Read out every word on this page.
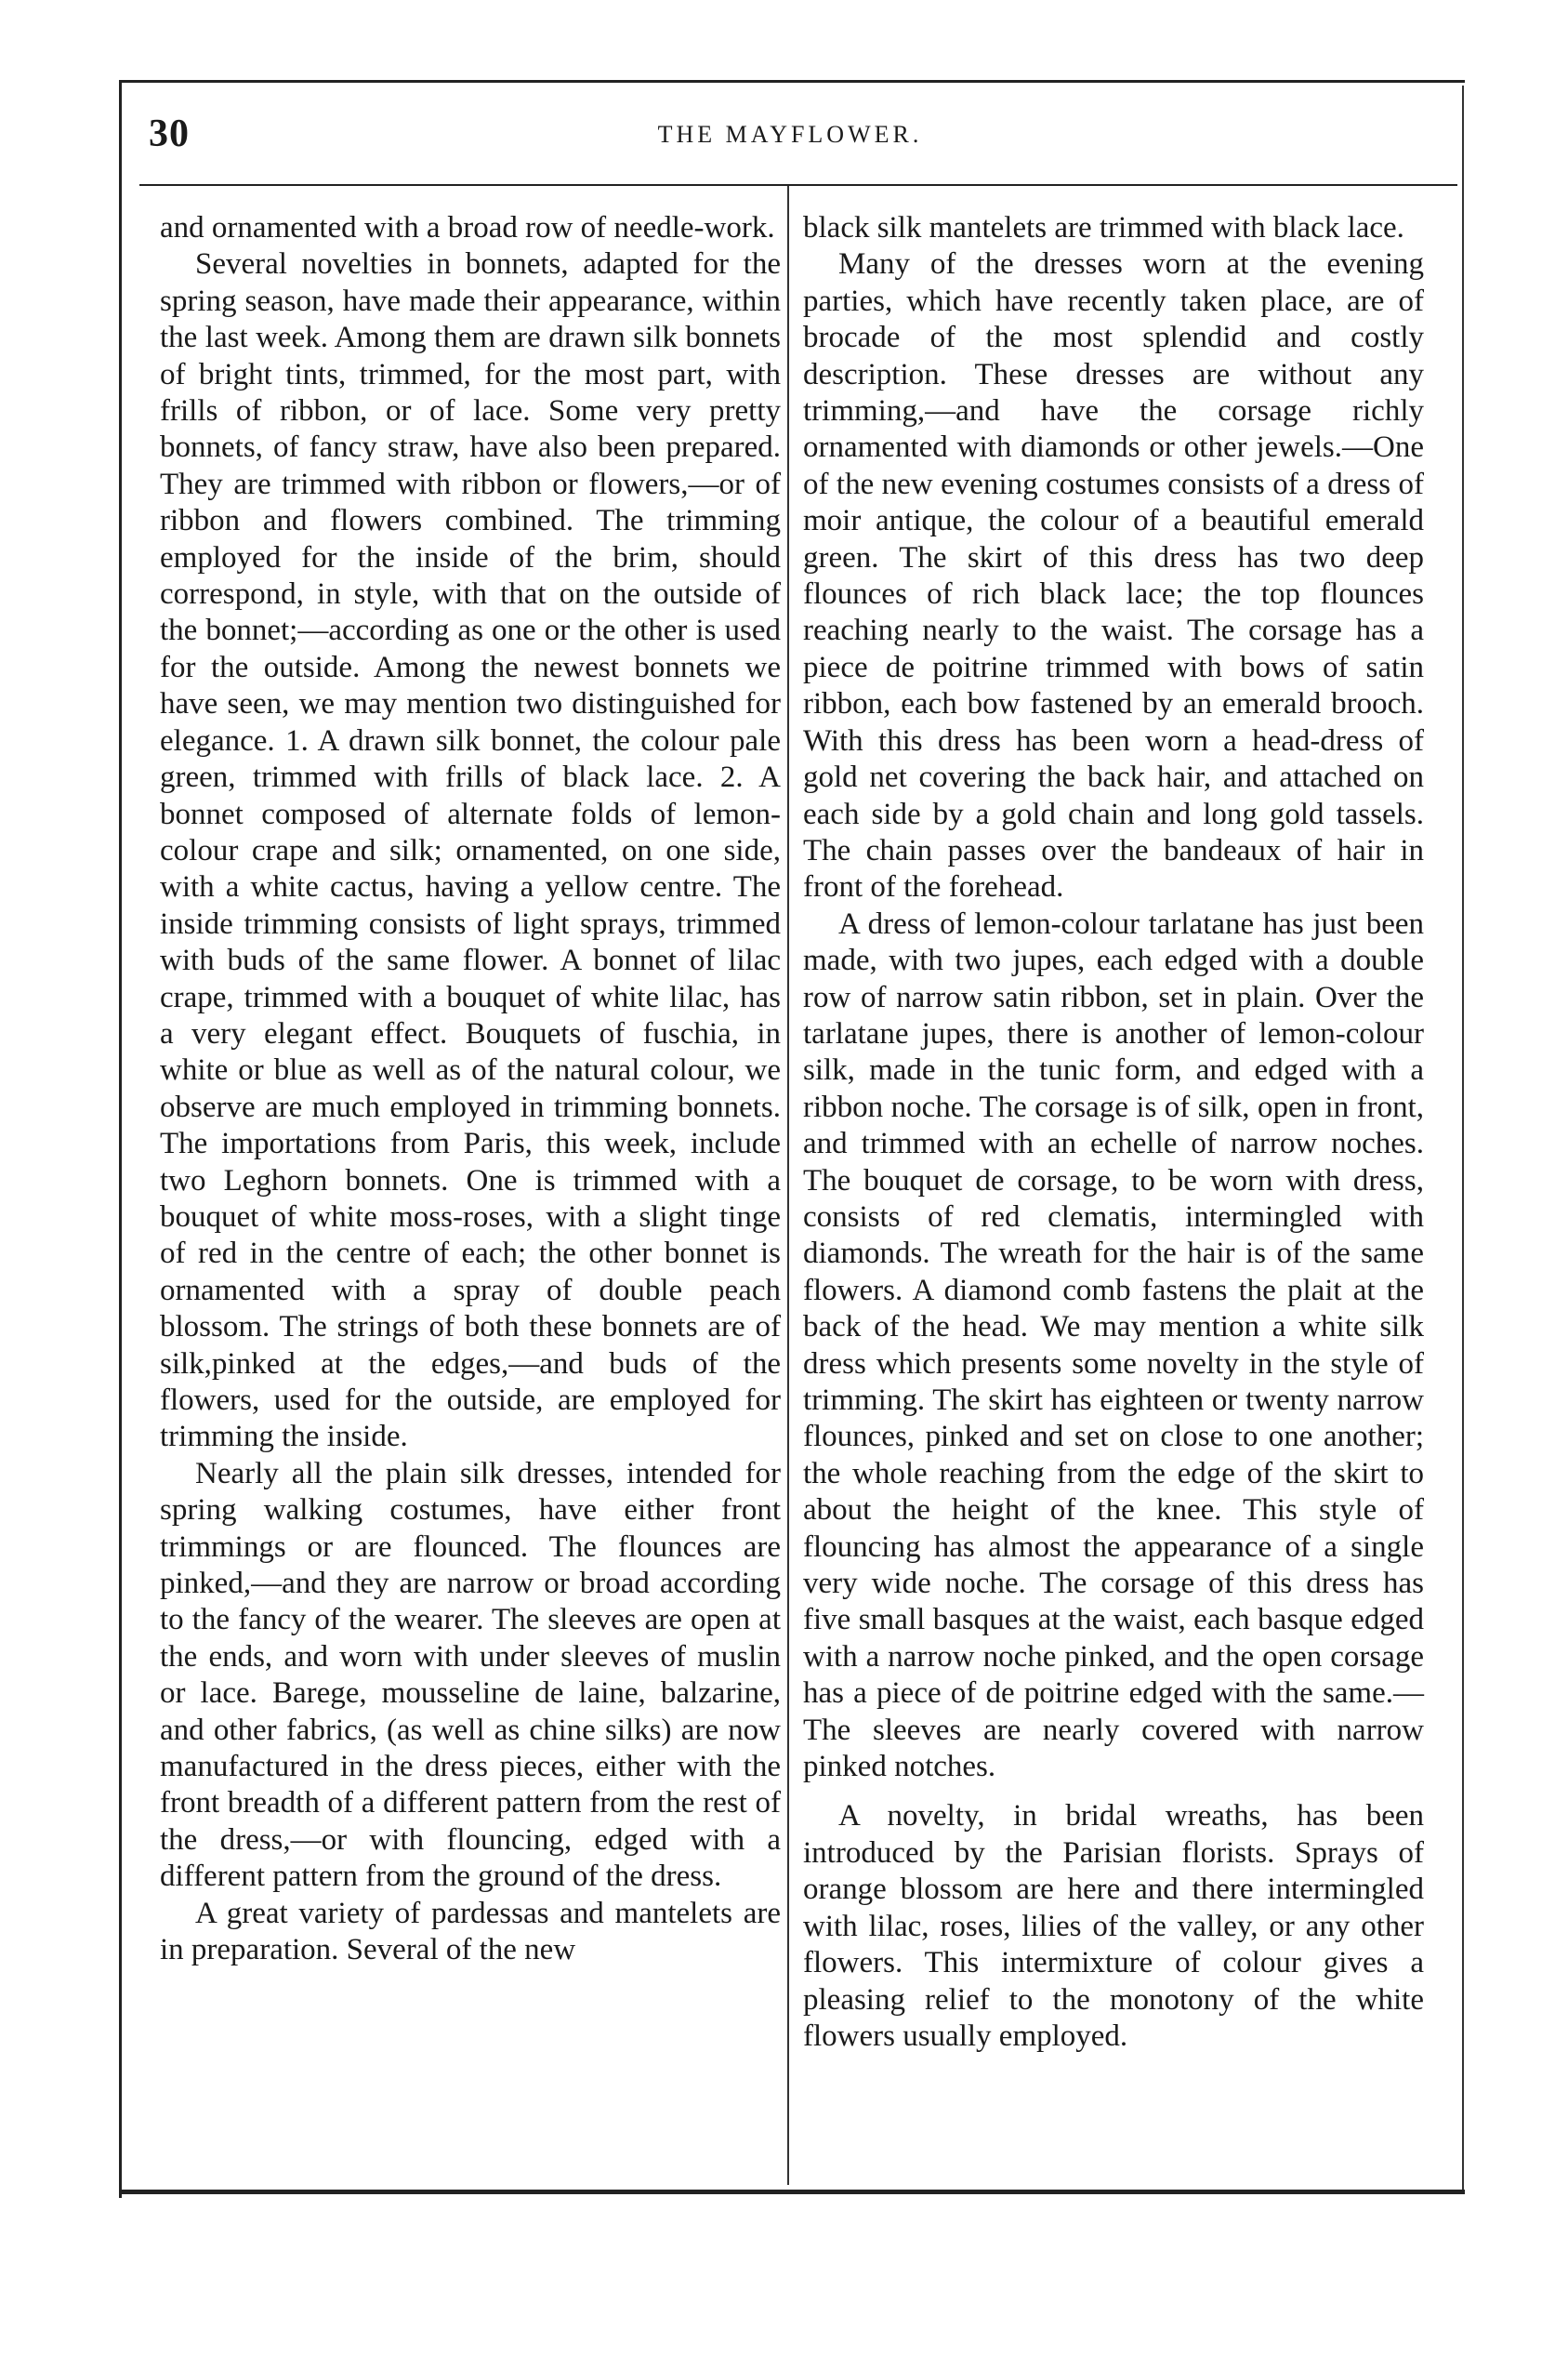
30	THE MAYFLOWER.

and ornamented with a broad row of needle-work.

Several novelties in bonnets, adapted for the spring season, have made their appearance, within the last week. Among them are drawn silk bonnets of bright tints, trimmed, for the most part, with frills of ribbon, or of lace. Some very pretty bonnets, of fancy straw, have also been prepared. They are trimmed with ribbon or flowers,—or of ribbon and flowers combined. The trimming employed for the inside of the brim, should correspond, in style, with that on the outside of the bonnet;—according as one or the other is used for the outside. Among the newest bonnets we have seen, we may mention two distinguished for elegance. 1. A drawn silk bonnet, the colour pale green, trimmed with frills of black lace. 2. A bonnet composed of alternate folds of lemon-colour crape and silk; ornamented, on one side, with a white cactus, having a yellow centre. The inside trimming consists of light sprays, trimmed with buds of the same flower. A bonnet of lilac crape, trimmed with a bouquet of white lilac, has a very elegant effect. Bouquets of fuschia, in white or blue as well as of the natural colour, we observe are much employed in trimming bonnets. The importations from Paris, this week, include two Leghorn bonnets. One is trimmed with a bouquet of white moss-roses, with a slight tinge of red in the centre of each; the other bonnet is ornamented with a spray of double peach blossom. The strings of both these bonnets are of silk,pinked at the edges,—and buds of the flowers, used for the outside, are employed for trimming the inside.

Nearly all the plain silk dresses, intended for spring walking costumes, have either front trimmings or are flounced. The flounces are pinked,—and they are narrow or broad according to the fancy of the wearer. The sleeves are open at the ends, and worn with under sleeves of muslin or lace. Barege, mousseline de laine, balzarine, and other fabrics, (as well as chine silks) are now manufactured in the dress pieces, either with the front breadth of a different pattern from the rest of the dress,—or with flouncing, edged with a different pattern from the ground of the dress.

A great variety of pardessas and mantelets are in preparation. Several of the new

black silk mantelets are trimmed with black lace.

Many of the dresses worn at the evening parties, which have recently taken place, are of brocade of the most splendid and costly description. These dresses are without any trimming,—and have the corsage richly ornamented with diamonds or other jewels.—One of the new evening costumes consists of a dress of moir antique, the colour of a beautiful emerald green. The skirt of this dress has two deep flounces of rich black lace; the top flounces reaching nearly to the waist. The corsage has a piece de poitrine trimmed with bows of satin ribbon, each bow fastened by an emerald brooch. With this dress has been worn a head-dress of gold net covering the back hair, and attached on each side by a gold chain and long gold tassels. The chain passes over the bandeaux of hair in front of the forehead.

A dress of lemon-colour tarlatane has just been made, with two jupes, each edged with a double row of narrow satin ribbon, set in plain. Over the tarlatane jupes, there is another of lemon-colour silk, made in the tunic form, and edged with a ribbon noche. The corsage is of silk, open in front, and trimmed with an echelle of narrow noches. The bouquet de corsage, to be worn with dress, consists of red clematis, intermingled with diamonds. The wreath for the hair is of the same flowers. A diamond comb fastens the plait at the back of the head. We may mention a white silk dress which presents some novelty in the style of trimming. The skirt has eighteen or twenty narrow flounces, pinked and set on close to one another; the whole reaching from the edge of the skirt to about the height of the knee. This style of flouncing has almost the appearance of a single very wide noche. The corsage of this dress has five small basques at the waist, each basque edged with a narrow noche pinked, and the open corsage has a piece of de poitrine edged with the same.—The sleeves are nearly covered with narrow pinked notches.

A novelty, in bridal wreaths, has been introduced by the Parisian florists. Sprays of orange blossom are here and there intermingled with lilac, roses, lilies of the valley, or any other flowers. This intermixture of colour gives a pleasing relief to the monotony of the white flowers usually employed.
